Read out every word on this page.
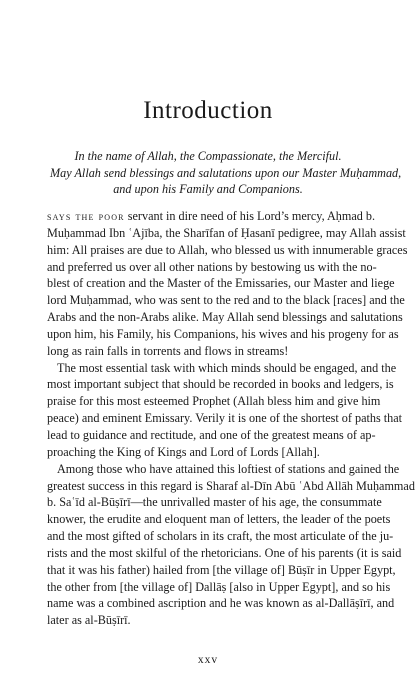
Introduction
In the name of Allah, the Compassionate, the Merciful.
May Allah send blessings and salutations upon our Master Muḥammad,
and upon his Family and Companions.

says the poor servant in dire need of his Lord’s mercy, Aḥmad b.
Muḥammad Ibn ʿAjība, the Sharīfan of Ḥasanī pedigree, may Allah assist
him: All praises are due to Allah, who blessed us with innumerable graces
and preferred us over all other nations by bestowing us with the no-
blest of creation and the Master of the Emissaries, our Master and liege
lord Muḥammad, who was sent to the red and to the black [races] and the
Arabs and the non-Arabs alike. May Allah send blessings and salutations
upon him, his Family, his Companions, his wives and his progeny for as
long as rain falls in torrents and flows in streams!

The most essential task with which minds should be engaged, and the
most important subject that should be recorded in books and ledgers, is
praise for this most esteemed Prophet (Allah bless him and give him
peace) and eminent Emissary. Verily it is one of the shortest of paths that
lead to guidance and rectitude, and one of the greatest means of ap-
proaching the King of Kings and Lord of Lords [Allah].

Among those who have attained this loftiest of stations and gained the
greatest success in this regard is Sharaf al-Dīn Abū ʿAbd Allāh Muḥammad
b. Saʿīd al-Būṣīrī—the unrivalled master of his age, the consummate
knower, the erudite and eloquent man of letters, the leader of the poets
and the most gifted of scholars in its craft, the most articulate of the ju-
rists and the most skilful of the rhetoricians. One of his parents (it is said
that it was his father) hailed from [the village of] Būṣīr in Upper Egypt,
the other from [the village of] Dallāṣ [also in Upper Egypt], and so his
name was a combined ascription and he was known as al-Dallāṣīrī, and
later as al-Būṣīrī.

xxv
